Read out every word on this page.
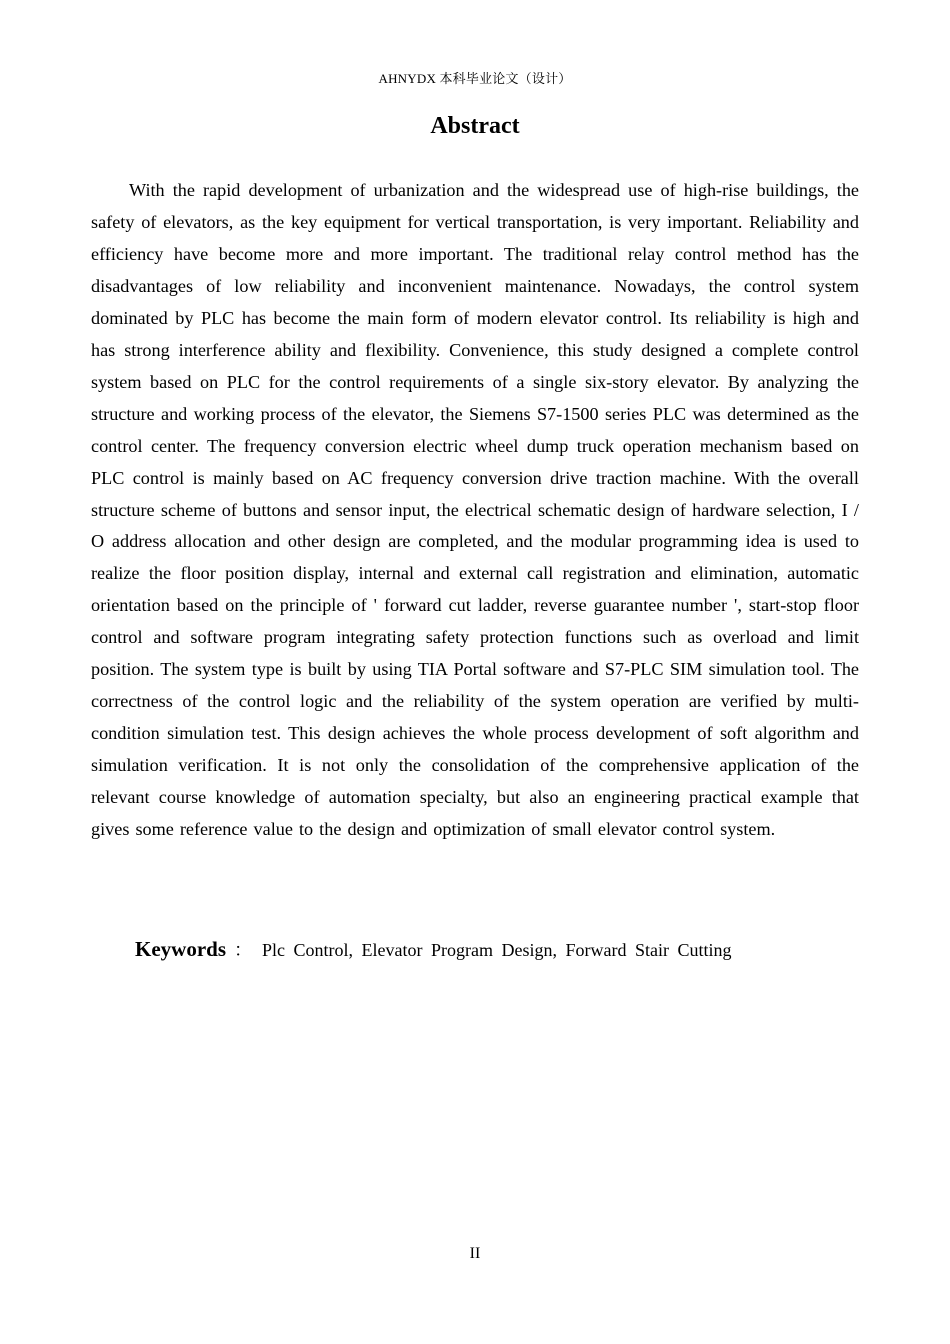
AHNYDX 本科毕业论文（设计）
Abstract

With the rapid development of urbanization and the widespread use of high-rise buildings, the safety of elevators, as the key equipment for vertical transportation, is very important. Reliability and efficiency have become more and more important. The traditional relay control method has the disadvantages of low reliability and inconvenient maintenance. Nowadays, the control system dominated by PLC has become the main form of modern elevator control. Its reliability is high and has strong interference ability and flexibility. Convenience, this study designed a complete control system based on PLC for the control requirements of a single six-story elevator. By analyzing the structure and working process of the elevator, the Siemens S7-1500 series PLC was determined as the control center. The frequency conversion electric wheel dump truck operation mechanism based on PLC control is mainly based on AC frequency conversion drive traction machine. With the overall structure scheme of buttons and sensor input, the electrical schematic design of hardware selection, I / O address allocation and other design are completed, and the modular programming idea is used to realize the floor position display, internal and external call registration and elimination, automatic orientation based on the principle of ' forward cut ladder, reverse guarantee number ', start-stop floor control and software program integrating safety protection functions such as overload and limit position. The system type is built by using TIA Portal software and S7-PLC SIM simulation tool. The correctness of the control logic and the reliability of the system operation are verified by multi-condition simulation test. This design achieves the whole process development of soft algorithm and simulation verification. It is not only the consolidation of the comprehensive application of the relevant course knowledge of automation specialty, but also an engineering practical example that gives some reference value to the design and optimization of small elevator control system.

Keywords ： Plc Control, Elevator Program Design, Forward Stair Cutting
II
